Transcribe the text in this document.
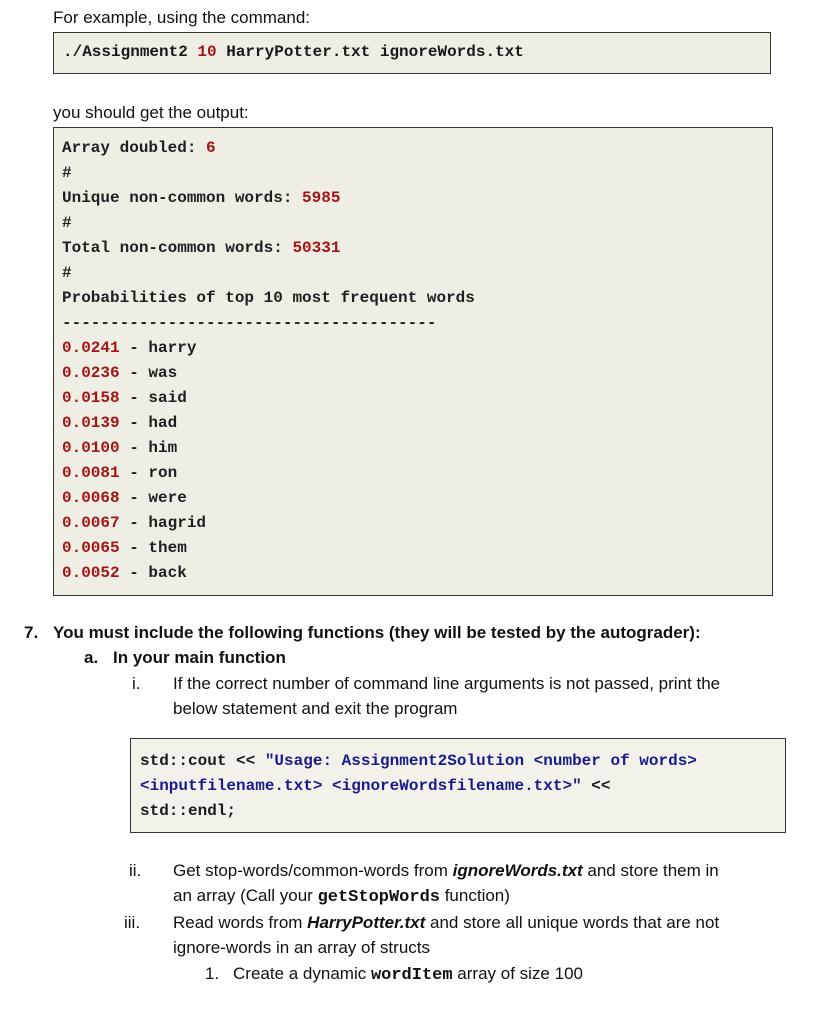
For example, using the command:
./Assignment2 10 HarryPotter.txt ignoreWords.txt
you should get the output:
Array doubled: 6
#
Unique non-common words: 5985
#
Total non-common words: 50331
#
Probabilities of top 10 most frequent words
---------------------------------------
0.0241 - harry
0.0236 - was
0.0158 - said
0.0139 - had
0.0100 - him
0.0081 - ron
0.0068 - were
0.0067 - hagrid
0.0065 - them
0.0052 - back
7. You must include the following functions (they will be tested by the autograder):
a. In your main function
i. If the correct number of command line arguments is not passed, print the
below statement and exit the program
std::cout << "Usage: Assignment2Solution <number of words>
<inputfilename.txt> <ignoreWordsfilename.txt>" <<
std::endl;
ii. Get stop-words/common-words from ignoreWords.txt and store them in
an array (Call your getStopWords function)
iii. Read words from HarryPotter.txt and store all unique words that are not
ignore-words in an array of structs
1. Create a dynamic wordItem array of size 100
